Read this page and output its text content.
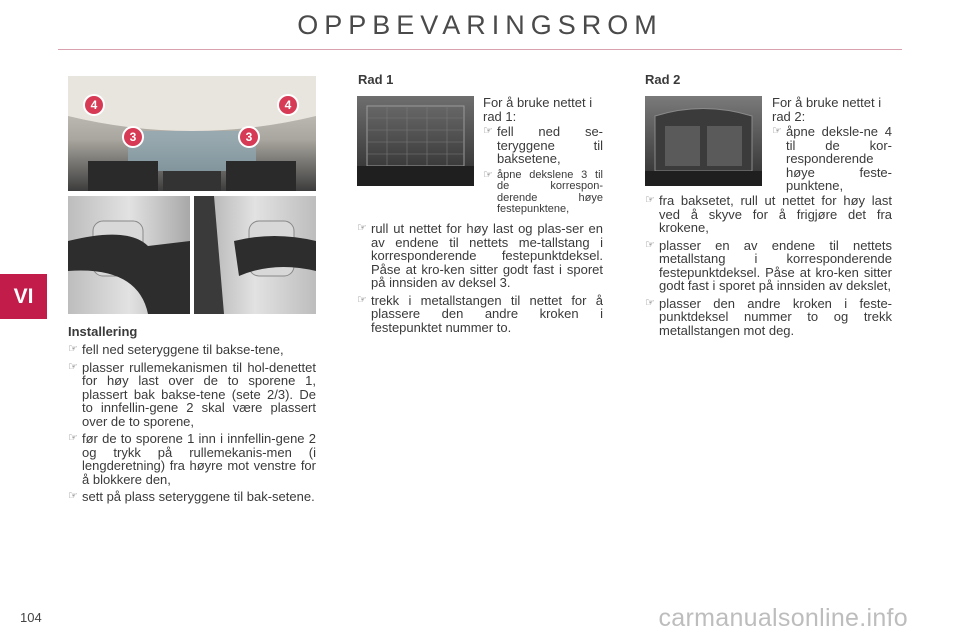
OPPBEVARINGSROM
VI
4
3	3
4
Installering
☞ fell ned seteryggene til bakse-tene,
☞ plasser rullemekanismen til hol-denettet for høy last over de to sporene 1, plassert bak bakse-tene (sete 2/3). De to innfellin-gene 2 skal være plassert over de to sporene,
☞ før de to sporene 1 inn i innfellin-gene 2 og trykk på rullemekanis-men (i lengderetning) fra høyre mot venstre for å blokkere den,
☞ sett på plass seteryggene til bak-setene.
Rad 1
For å bruke nettet i rad 1:
☞ fell ned se-teryggene til baksetene,
☞ åpne dekslene 3 til de korrespon-derende høye festepunktene,
☞ rull ut nettet for høy last og plas-ser en av endene til nettets me-tallstang i korresponderende festepunktdeksel. Påse at kro-ken sitter godt fast i sporet på innsiden av deksel 3.
☞ trekk i metallstangen til nettet for å plassere den andre kroken i festepunktet nummer to.
Rad 2
For å bruke nettet i rad 2:
☞ åpne deksle-ne 4 til de kor-responderende høye feste-punktene,
☞ fra baksetet, rull ut nettet for høy last ved å skyve for å frigjøre det fra krokene,
☞ plasser en av endene til nettets metallstang i korresponderende festepunktdeksel. Påse at kro-ken sitter godt fast i sporet på innsiden av dekslet,
☞ plasser den andre kroken i feste-punktdeksel nummer to og trekk metallstangen mot deg.
104	carmanualsonline.info
